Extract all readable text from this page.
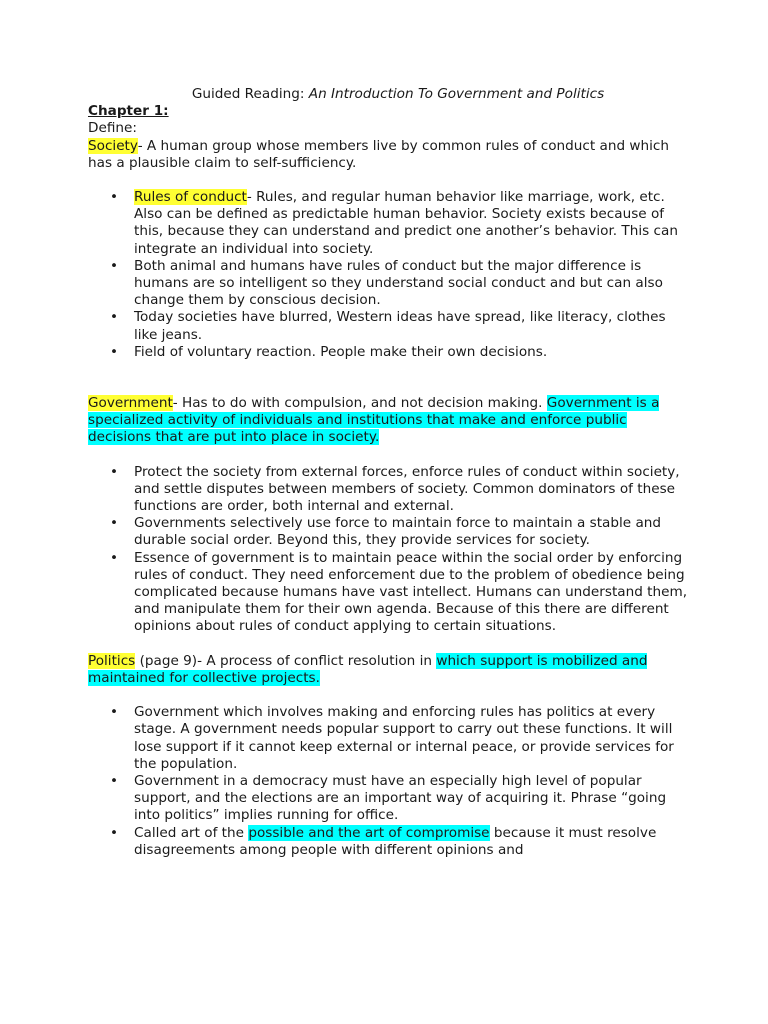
Guided Reading: An Introduction To Government and Politics

Chapter 1:

Define:

Society- A human group whose members live by common rules of conduct and which has a plausible claim to self-sufficiency.

• Rules of conduct- Rules, and regular human behavior like marriage, work, etc. Also can be defined as predictable human behavior. Society exists because of this, because they can understand and predict one another’s behavior. This can integrate an individual into society.
• Both animal and humans have rules of conduct but the major difference is humans are so intelligent so they understand social conduct and but can also change them by conscious decision.
• Today societies have blurred, Western ideas have spread, like literacy, clothes like jeans.
• Field of voluntary reaction. People make their own decisions.

Government- Has to do with compulsion, and not decision making. Government is a specialized activity of individuals and institutions that make and enforce public decisions that are put into place in society.

• Protect the society from external forces, enforce rules of conduct within society, and settle disputes between members of society. Common dominators of these functions are order, both internal and external.
• Governments selectively use force to maintain force to maintain a stable and durable social order. Beyond this, they provide services for society.
• Essence of government is to maintain peace within the social order by enforcing rules of conduct. They need enforcement due to the problem of obedience being complicated because humans have vast intellect. Humans can understand them, and manipulate them for their own agenda. Because of this there are different opinions about rules of conduct applying to certain situations.

Politics (page 9)- A process of conflict resolution in which support is mobilized and maintained for collective projects.

• Government which involves making and enforcing rules has politics at every stage. A government needs popular support to carry out these functions. It will lose support if it cannot keep external or internal peace, or provide services for the population.
• Government in a democracy must have an especially high level of popular support, and the elections are an important way of acquiring it. Phrase “going into politics” implies running for office.
• Called art of the possible and the art of compromise because it must resolve disagreements among people with different opinions and
